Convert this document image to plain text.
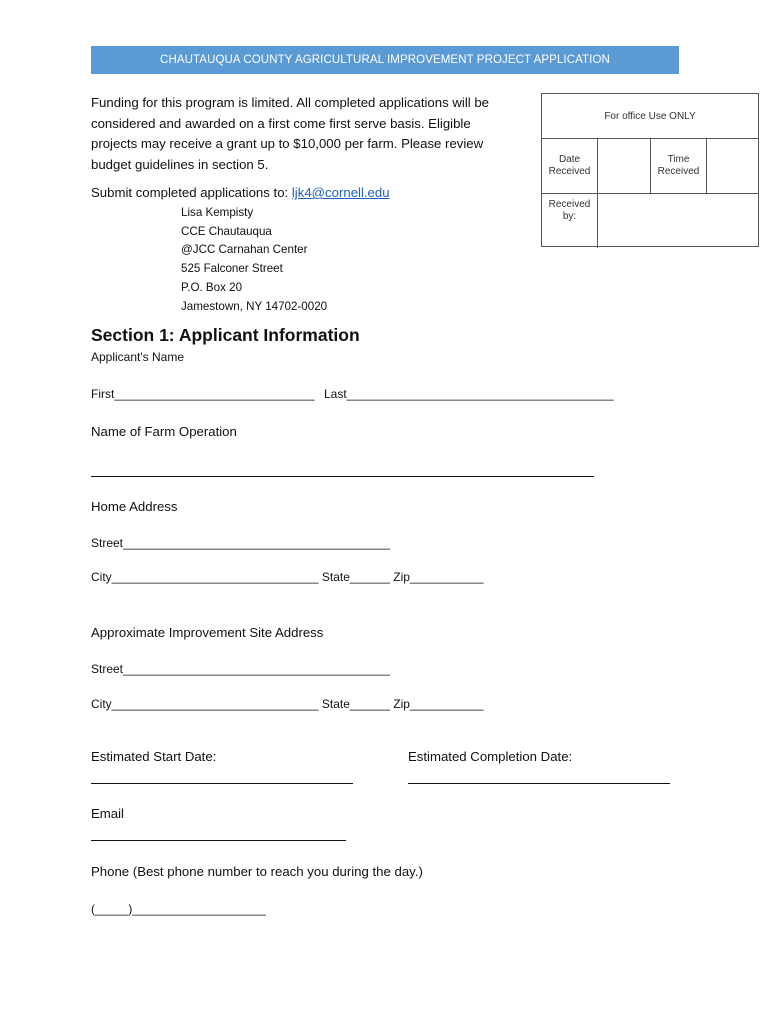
CHAUTAUQUA COUNTY AGRICULTURAL IMPROVEMENT PROJECT APPLICATION
Funding for this program is limited. All completed applications will be
considered and awarded on a first come first serve basis. Eligible
projects may receive a grant up to $10,000 per farm. Please review
budget guidelines in section 5.
Submit completed applications to: ljk4@cornell.edu
Lisa Kempisty
CCE Chautauqua
@JCC Carnahan Center
525 Falconer Street
P.O. Box 20
Jamestown, NY 14702-0020
For office Use ONLY
Date Received
Time Received
Received by:
Section 1: Applicant Information
Applicant's Name
First______________________________ Last________________________________________
Name of Farm Operation
Home Address
Street________________________________________
City_______________________________ State______ Zip___________
Approximate Improvement Site Address
Street________________________________________
City_______________________________ State______ Zip___________
Estimated Start Date:	Estimated Completion Date:
Email
Phone (Best phone number to reach you during the day.)
(_____)____________________
